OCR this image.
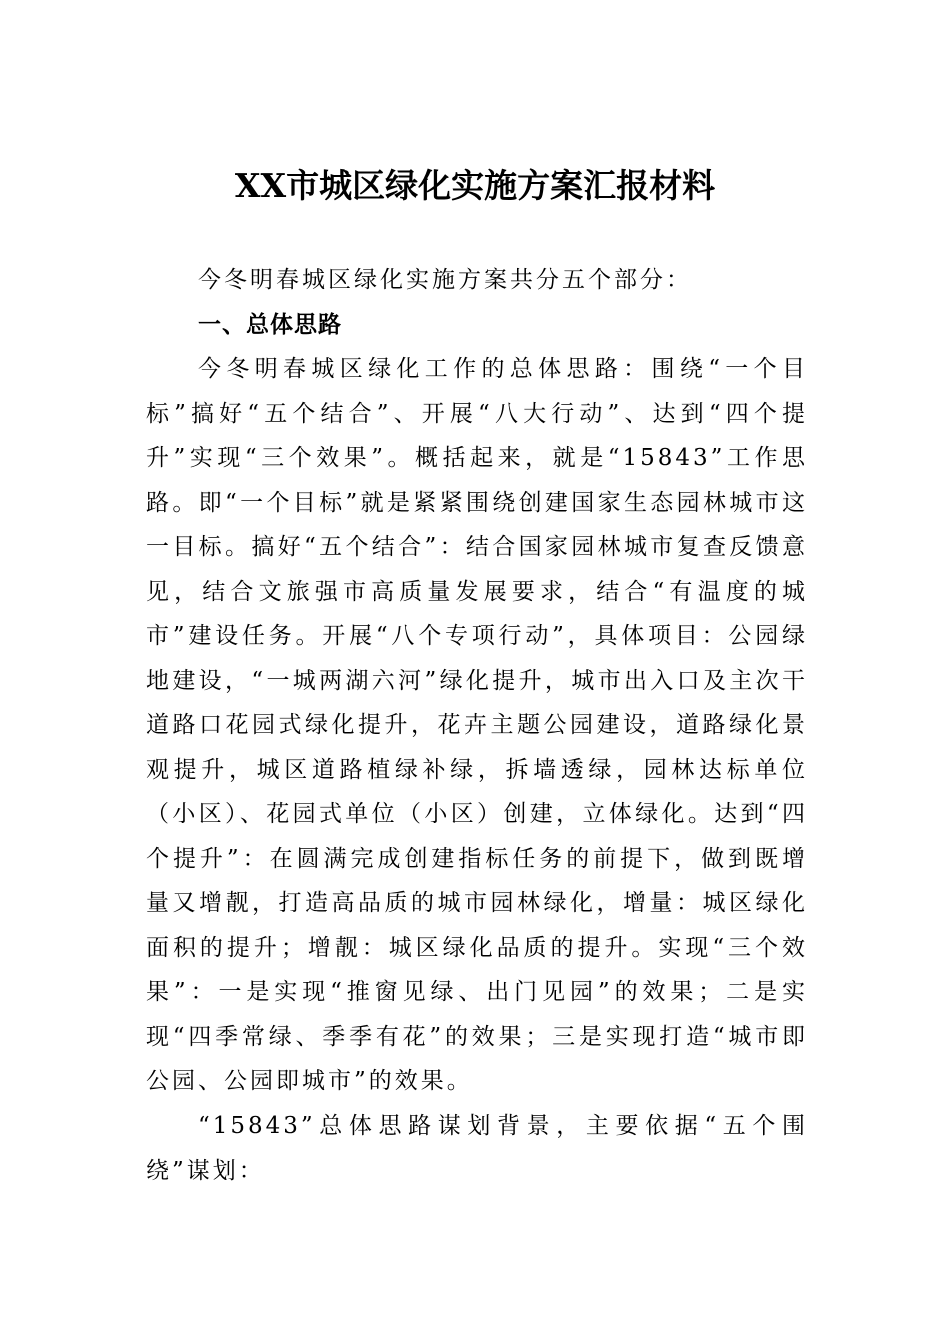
XX市城区绿化实施方案汇报材料

今冬明春城区绿化实施方案共分五个部分：

一、总体思路

今冬明春城区绿化工作的总体思路：围绕“一个目标”搞好“五个结合”、开展“八大行动”、达到“四个提升”实现“三个效果”。概括起来，就是“15843”工作思路。即“一个目标”就是紧紧围绕创建国家生态园林城市这一目标。搞好“五个结合”：结合国家园林城市复查反馈意见，结合文旅强市高质量发展要求，结合“有温度的城市”建设任务。开展“八个专项行动”，具体项目：公园绿地建设，“一城两湖六河”绿化提升，城市出入口及主次干道路口花园式绿化提升，花卉主题公园建设，道路绿化景观提升，城区道路植绿补绿，拆墙透绿，园林达标单位（小区）、花园式单位（小区）创建，立体绿化。达到“四个提升”：在圆满完成创建指标任务的前提下，做到既增量又增靓，打造高品质的城市园林绿化，增量：城区绿化面积的提升；增靓：城区绿化品质的提升。实现“三个效果”：一是实现“推窗见绿、出门见园”的效果；二是实现“四季常绿、季季有花”的效果；三是实现打造“城市即公园、公园即城市”的效果。

“15843”总体思路谋划背景，主要依据“五个围绕”谋划：
